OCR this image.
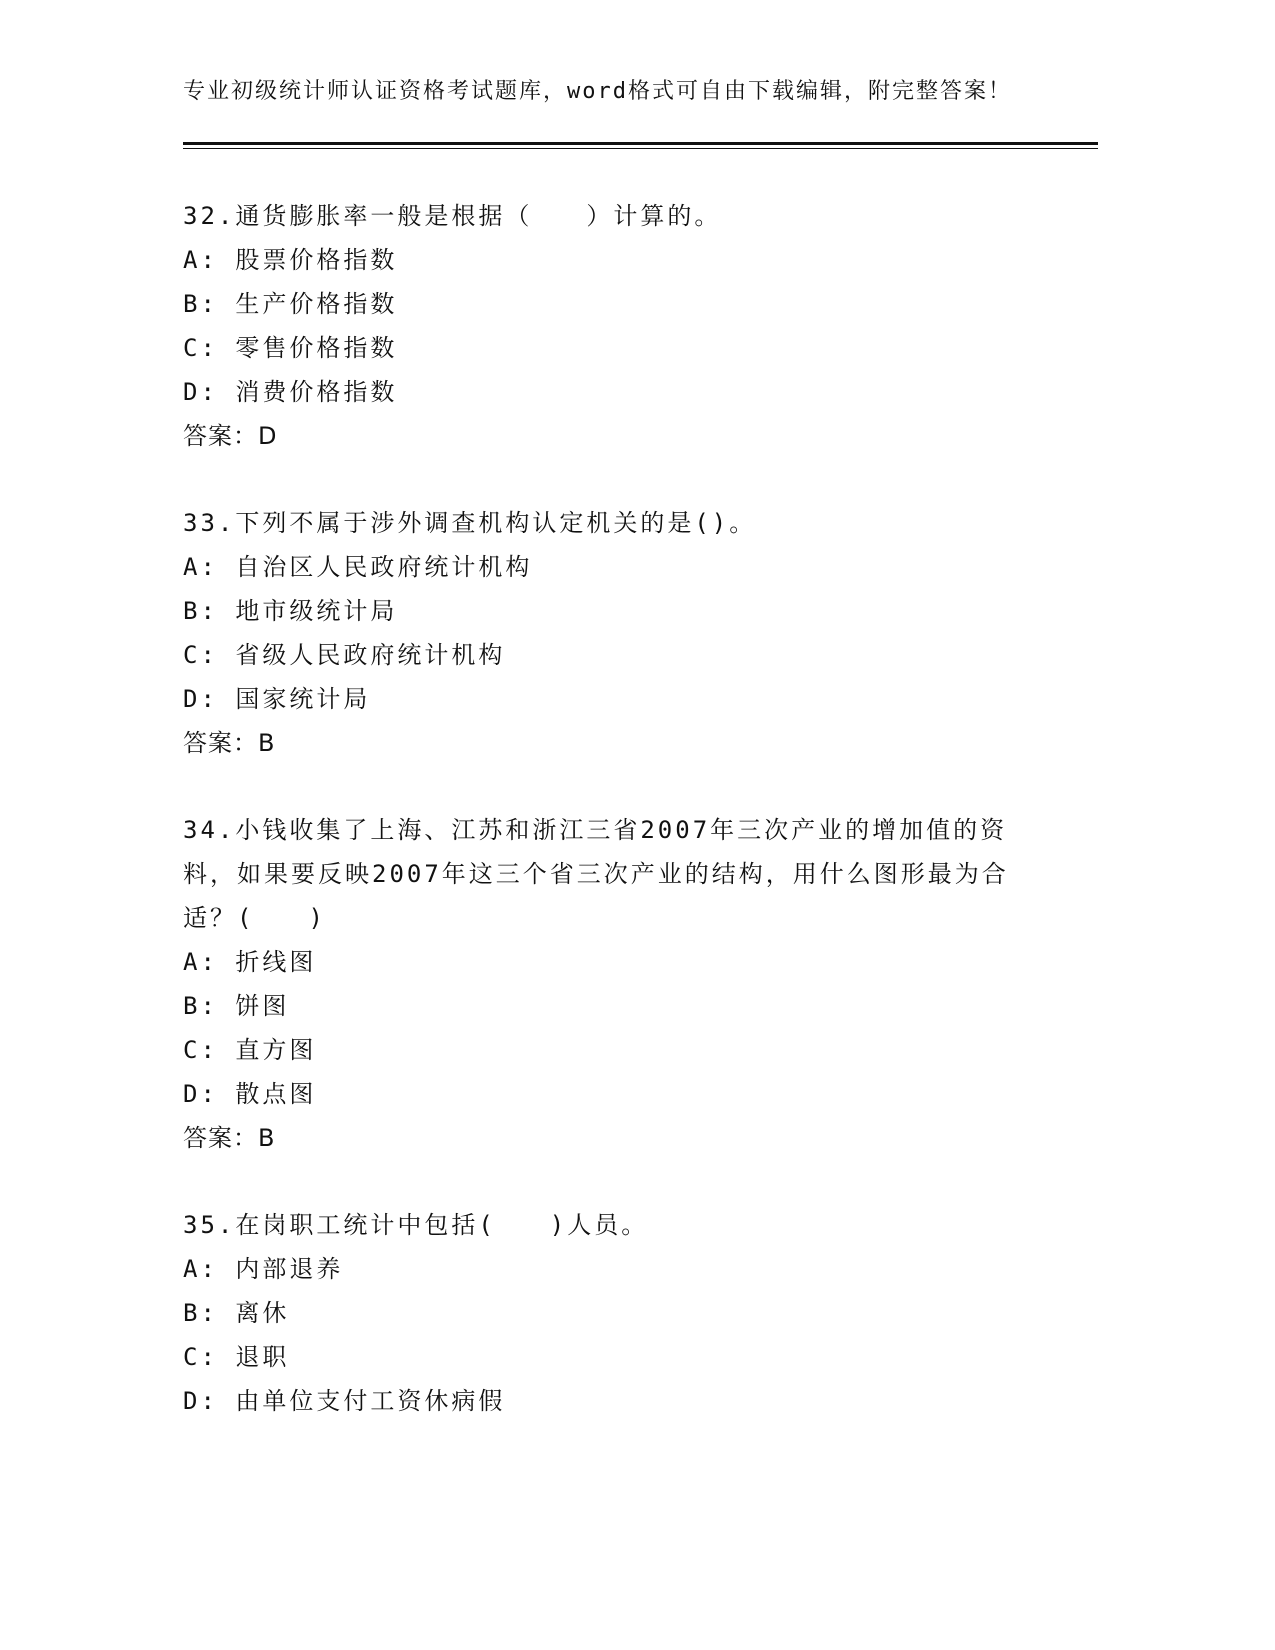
专业初级统计师认证资格考试题库，word格式可自由下载编辑，附完整答案！
32.通货膨胀率一般是根据（　　）计算的。
A: 股票价格指数
B: 生产价格指数
C: 零售价格指数
D: 消费价格指数
答案：D
33.下列不属于涉外调查机构认定机关的是()。
A: 自治区人民政府统计机构
B: 地市级统计局
C: 省级人民政府统计机构
D: 国家统计局
答案：B
34.小钱收集了上海、江苏和浙江三省2007年三次产业的增加值的资
料，如果要反映2007年这三个省三次产业的结构，用什么图形最为合
适？(　　)
A: 折线图
B: 饼图
C: 直方图
D: 散点图
答案：B
35.在岗职工统计中包括(　　)人员。
A: 内部退养
B: 离休
C: 退职
D: 由单位支付工资休病假
